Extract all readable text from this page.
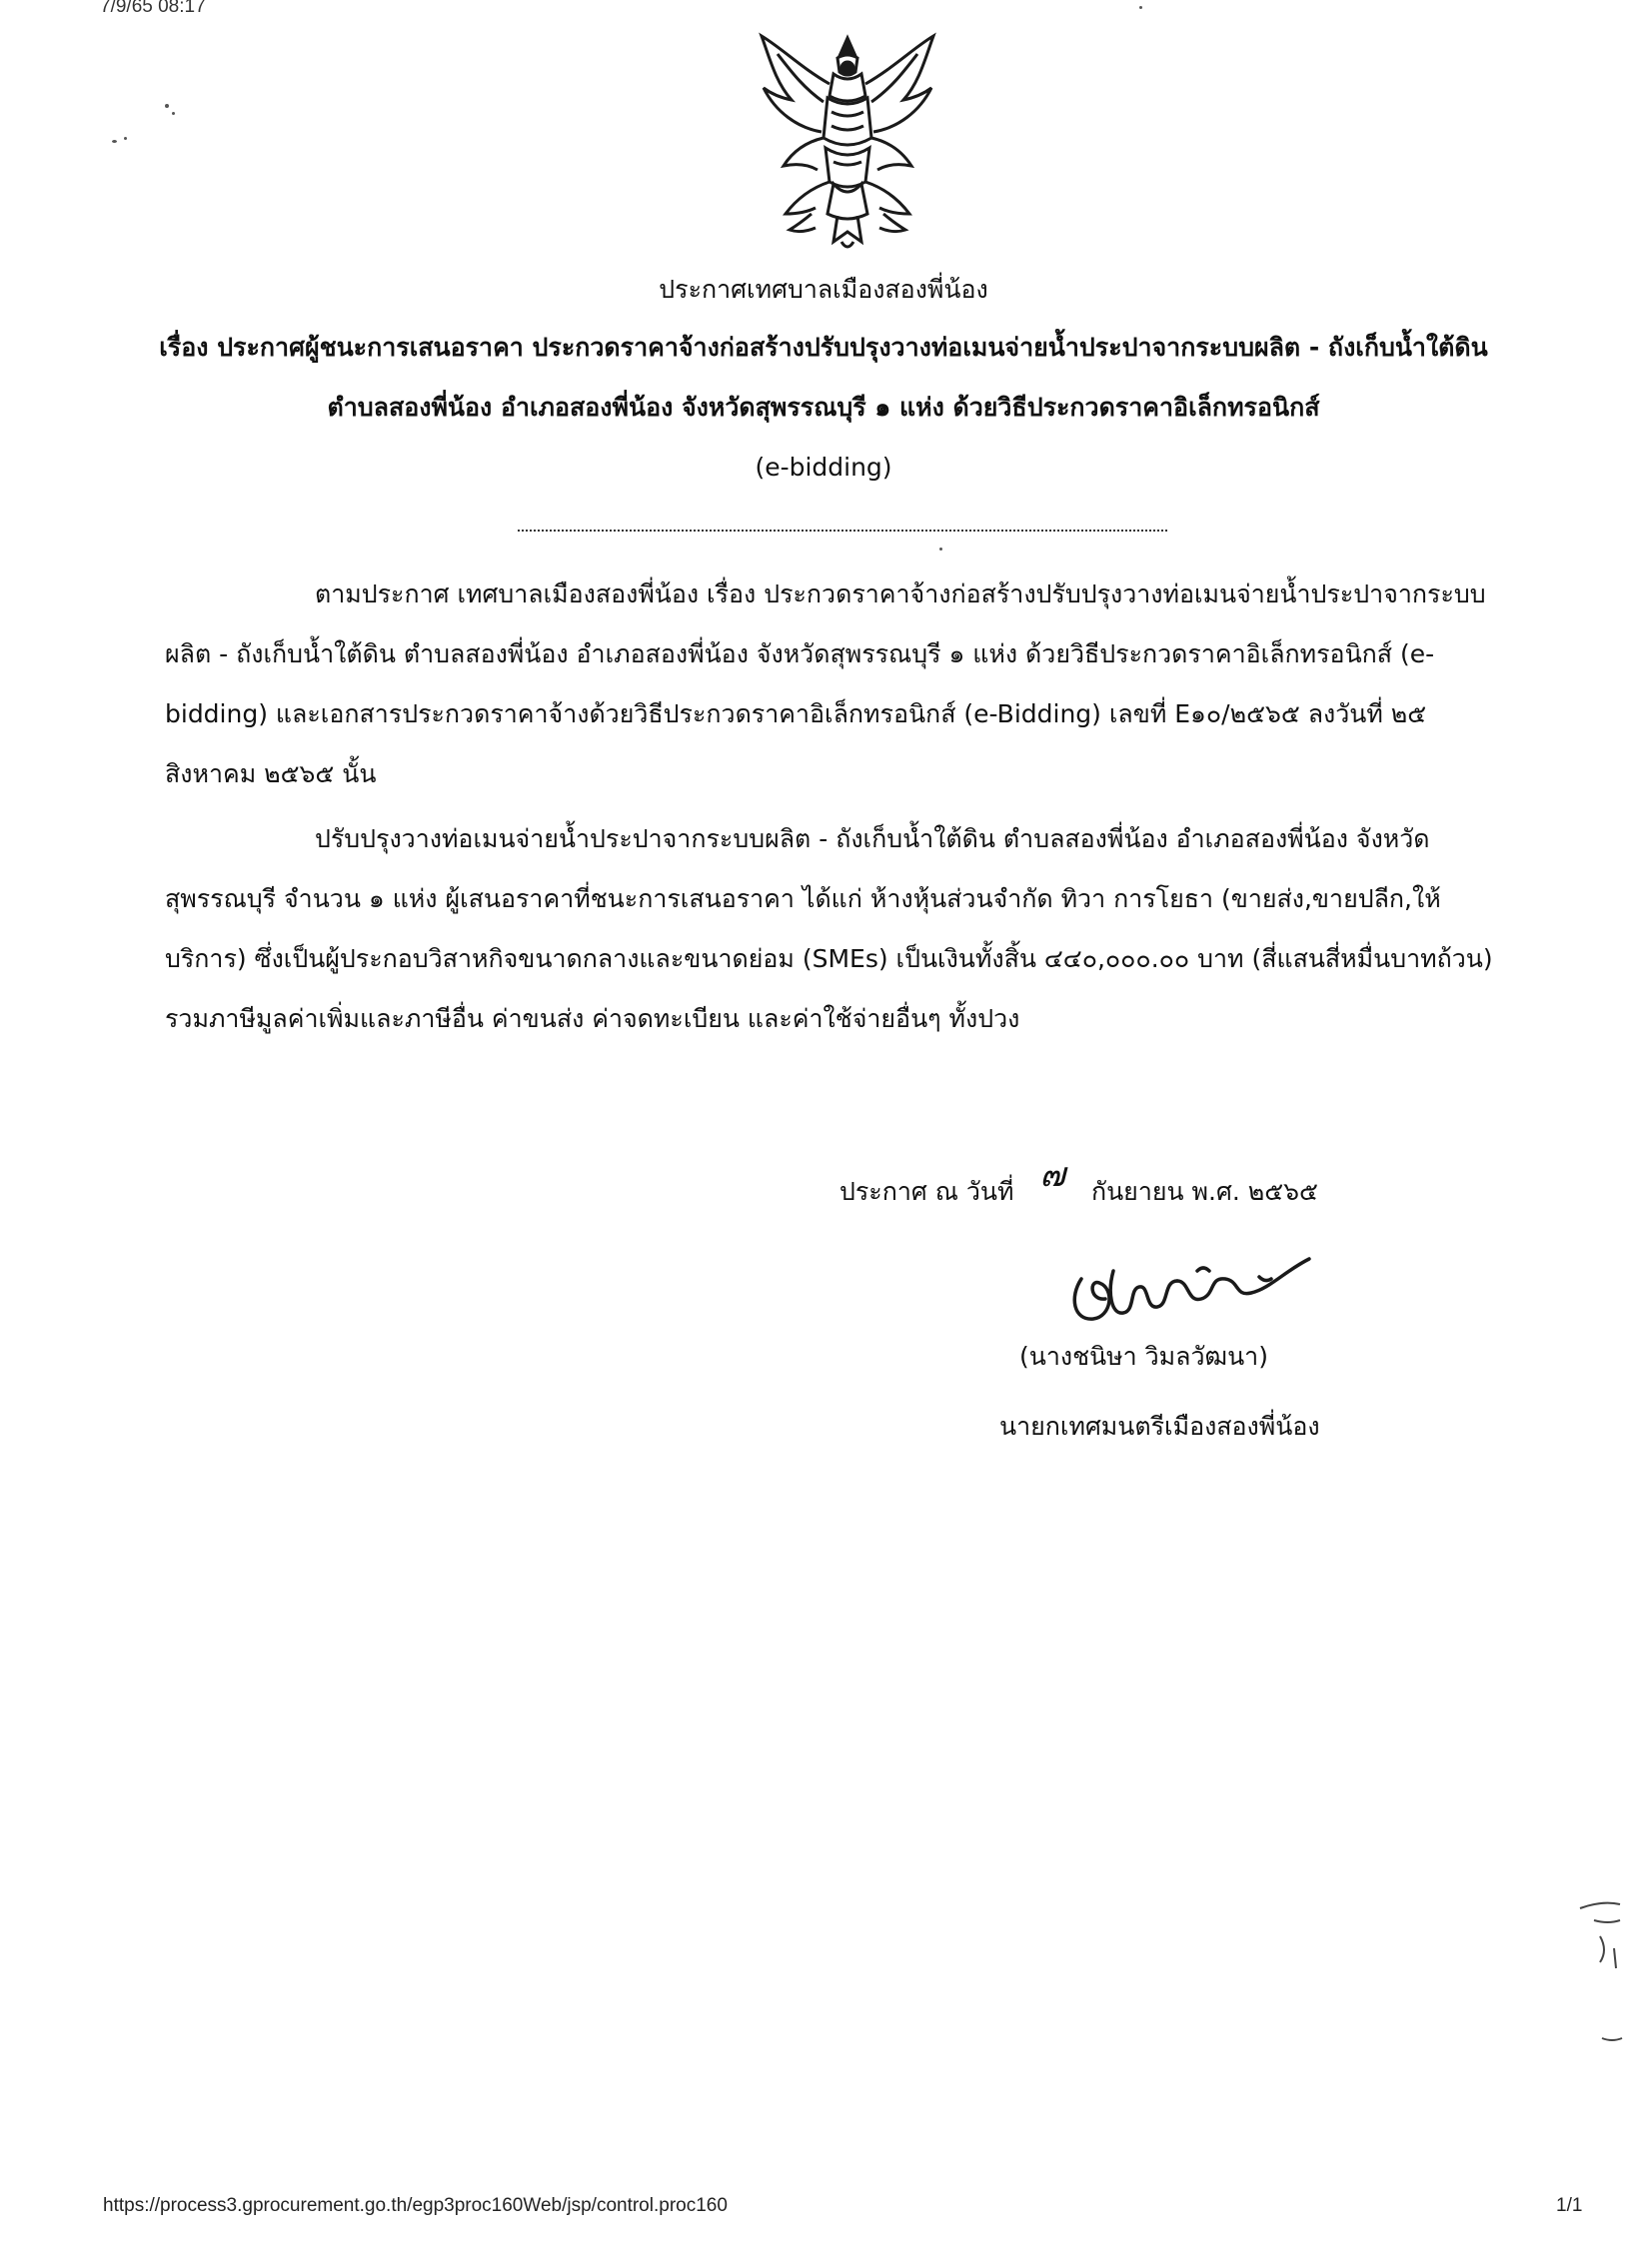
7/9/65 08:17
ประกาศเทศบาลเมืองสองพี่น้อง
เรื่อง ประกาศผู้ชนะการเสนอราคา ประกวดราคาจ้างก่อสร้างปรับปรุงวางท่อเมนจ่ายน้ำประปาจากระบบผลิต - ถังเก็บน้ำใต้ดิน ตำบลสองพี่น้อง อำเภอสองพี่น้อง จังหวัดสุพรรณบุรี ๑ แห่ง ด้วยวิธีประกวดราคาอิเล็กทรอนิกส์
(e-bidding)
ตามประกาศ เทศบาลเมืองสองพี่น้อง เรื่อง ประกวดราคาจ้างก่อสร้างปรับปรุงวางท่อเมนจ่ายน้ำประปาจากระบบผลิต - ถังเก็บน้ำใต้ดิน ตำบลสองพี่น้อง อำเภอสองพี่น้อง จังหวัดสุพรรณบุรี ๑ แห่ง ด้วยวิธีประกวดราคาอิเล็กทรอนิกส์ (e-bidding) และเอกสารประกวดราคาจ้างด้วยวิธีประกวดราคาอิเล็กทรอนิกส์ (e-Bidding) เลขที่ E๑๐/๒๕๖๕ ลงวันที่ ๒๕ สิงหาคม ๒๕๖๕ นั้น
ปรับปรุงวางท่อเมนจ่ายน้ำประปาจากระบบผลิต - ถังเก็บน้ำใต้ดิน ตำบลสองพี่น้อง อำเภอสองพี่น้อง จังหวัดสุพรรณบุรี จำนวน ๑ แห่ง ผู้เสนอราคาที่ชนะการเสนอราคา ได้แก่ ห้างหุ้นส่วนจำกัด ทิวา การโยธา (ขายส่ง,ขายปลีก,ให้บริการ) ซึ่งเป็นผู้ประกอบวิสาหกิจขนาดกลางและขนาดย่อม (SMEs) เป็นเงินทั้งสิ้น ๔๔๐,๐๐๐.๐๐ บาท (สี่แสนสี่หมื่นบาทถ้วน) รวมภาษีมูลค่าเพิ่มและภาษีอื่น ค่าขนส่ง ค่าจดทะเบียน และค่าใช้จ่ายอื่นๆ ทั้งปวง
ประกาศ ณ วันที่ ๗ กันยายน พ.ศ. ๒๕๖๕
(นางชนิษา วิมลวัฒนา)
นายกเทศมนตรีเมืองสองพี่น้อง
https://process3.gprocurement.go.th/egp3proc160Web/jsp/control.proc160	1/1
